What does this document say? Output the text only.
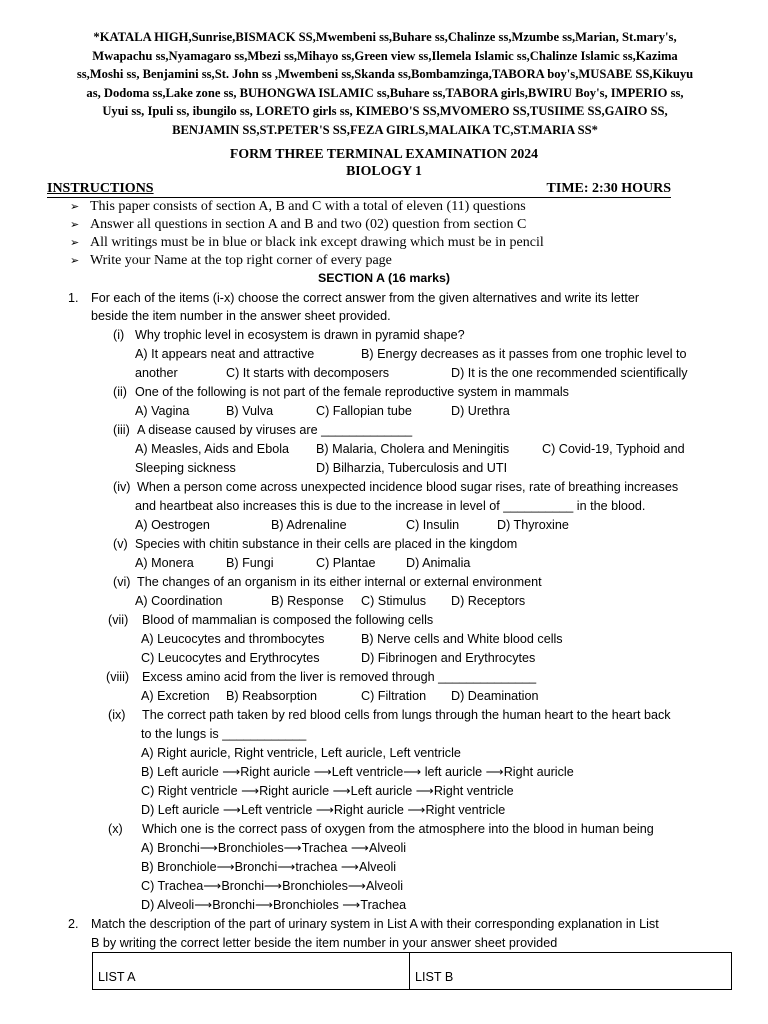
*KATALA HIGH,Sunrise,BISMACK SS,Mwembeni ss,Buhare ss,Chalinze ss,Mzumbe ss,Marian, St.mary's,
Mwapachu ss,Nyamagaro ss,Mbezi ss,Mihayo ss,Green view ss,Ilemela Islamic ss,Chalinze Islamic ss,Kazima
ss,Moshi ss, Benjamini ss,St. John ss ,Mwembeni ss,Skanda ss,Bombamzinga,TABORA boy's,MUSABE SS,Kikuyu
as, Dodoma ss,Lake zone ss, BUHONGWA ISLAMIC ss,Buhare ss,TABORA girls,BWIRU Boy's, IMPERIO ss,
Uyui ss, Ipuli ss, ibungilo ss, LORETO girls ss, KIMEBO'S SS,MVOMERO SS,TUSIIME SS,GAIRO SS,
BENJAMIN SS,ST.PETER'S SS,FEZA GIRLS,MALAIKA TC,ST.MARIA SS*
FORM THREE TERMINAL EXAMINATION 2024
BIOLOGY 1
INSTRUCTIONS	TIME: 2:30 HOURS
➢ This paper consists of section A, B and C with a total of eleven (11) questions
➢ Answer all questions in section A and B and two (02) question from section C
➢ All writings must be in blue or black ink except drawing which must be in pencil
➢ Write your Name at the top right corner of every page
SECTION A (16 marks)
1. For each of the items (i-x) choose the correct answer from the given alternatives and write its letter
beside the item number in the answer sheet provided.
(i) Why trophic level in ecosystem is drawn in pyramid shape?
A) It appears neat and attractive	B) Energy decreases as it passes from one trophic level to
another	C) It starts with decomposers	D) It is the one recommended scientifically
(ii) One of the following is not part of the female reproductive system in mammals
A) Vagina	B) Vulva	C) Fallopian tube	D) Urethra
(iii) A disease caused by viruses are _____________
A) Measles, Aids and Ebola B) Malaria, Cholera and Meningitis	C) Covid-19, Typhoid and
Sleeping sickness	D) Bilharzia, Tuberculosis and UTI
(iv) When a person come across unexpected incidence blood sugar rises, rate of breathing increases
and heartbeat also increases this is due to the increase in level of __________ in the blood.
A) Oestrogen	B) Adrenaline	C) Insulin	D) Thyroxine
(v) Species with chitin substance in their cells are placed in the kingdom
A) Monera	B) Fungi	C) Plantae D) Animalia
(vi) The changes of an organism in its either internal or external environment
A) Coordination	B) Response C) Stimulus D) Receptors
(vii) Blood of mammalian is composed the following cells
A) Leucocytes and thrombocytes	B) Nerve cells and White blood cells
C) Leucocytes and Erythrocytes	D) Fibrinogen and Erythrocytes
(viii) Excess amino acid from the liver is removed through ______________
A) Excretion B) Reabsorption	C) Filtration D) Deamination
(ix) The correct path taken by red blood cells from lungs through the human heart to the heart back
to the lungs is ____________
A) Right auricle, Right ventricle, Left auricle, Left ventricle
B) Left auricle ⟶Right auricle ⟶Left ventricle⟶ left auricle ⟶Right auricle
C) Right ventricle ⟶Right auricle ⟶Left auricle ⟶Right ventricle
D) Left auricle ⟶Left ventricle ⟶Right auricle ⟶Right ventricle
(x) Which one is the correct pass of oxygen from the atmosphere into the blood in human being
A) Bronchi⟶Bronchioles⟶Trachea ⟶Alveoli
B) Bronchiole⟶Bronchi⟶trachea ⟶Alveoli
C) Trachea⟶Bronchi⟶Bronchioles⟶Alveoli
D) Alveoli⟶Bronchi⟶Bronchioles ⟶Trachea
2. Match the description of the part of urinary system in List A with their corresponding explanation in List
B by writing the correct letter beside the item number in your answer sheet provided
LIST A	LIST B
